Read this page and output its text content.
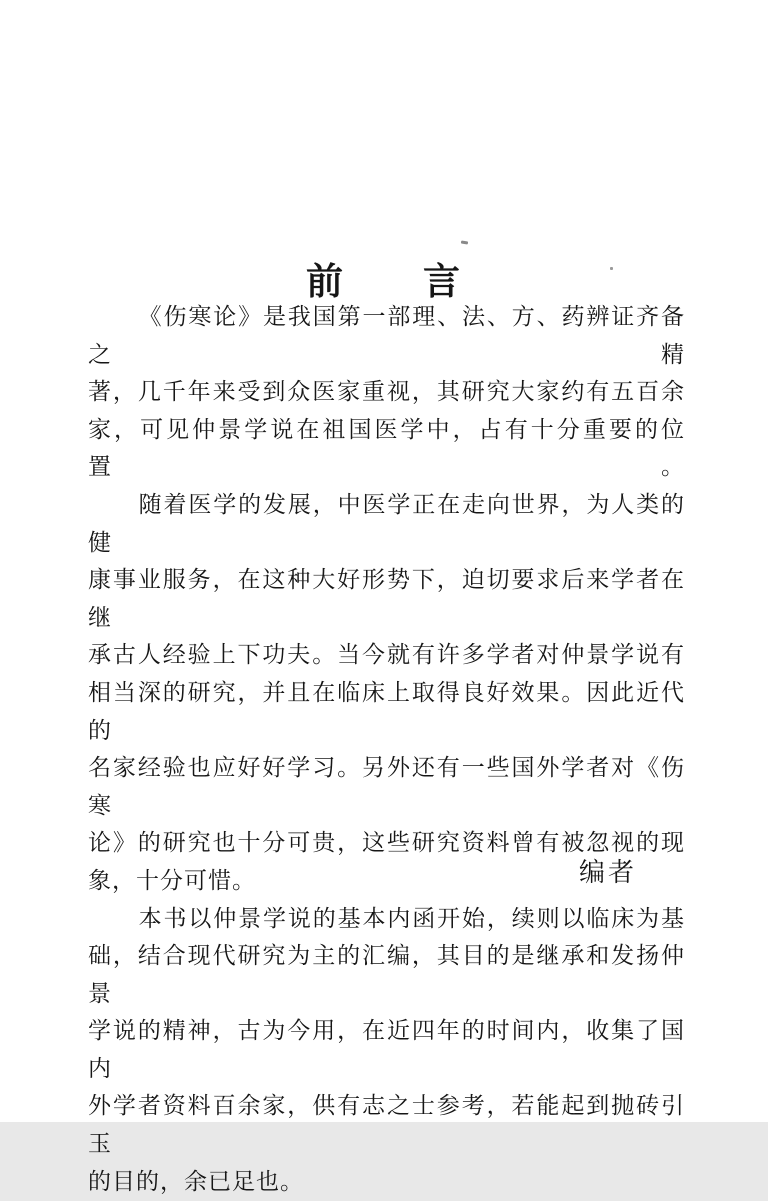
前　　言
《伤寒论》是我国第一部理、法、方、药辨证齐备之精
著，几千年来受到众医家重视，其研究大家约有五百余
家，可见仲景学说在祖国医学中，占有十分重要的位置。
随着医学的发展，中医学正在走向世界，为人类的健
康事业服务，在这种大好形势下，迫切要求后来学者在继
承古人经验上下功夫。当今就有许多学者对仲景学说有
相当深的研究，并且在临床上取得良好效果。因此近代的
名家经验也应好好学习。另外还有一些国外学者对《伤寒
论》的研究也十分可贵，这些研究资料曾有被忽视的现
象，十分可惜。
本书以仲景学说的基本内函开始，续则以临床为基
础，结合现代研究为主的汇编，其目的是继承和发扬仲景
学说的精神，古为今用，在近四年的时间内，收集了国内
外学者资料百余家，供有志之士参考，若能起到抛砖引玉
的目的，余已足也。
编者
